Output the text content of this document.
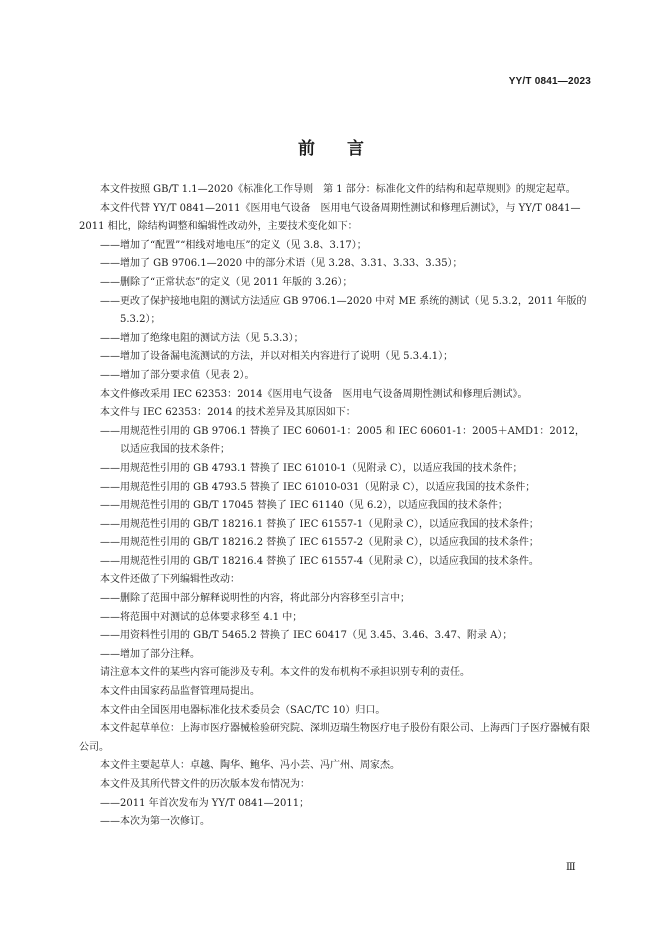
YY/T 0841—2023
前言
本文件按照 GB/T 1.1—2020《标准化工作导则　第 1 部分：标准化文件的结构和起草规则》的规定起草。
本文件代替 YY/T 0841—2011《医用电气设备　医用电气设备周期性测试和修理后测试》，与 YY/T 0841—2011 相比，除结构调整和编辑性改动外，主要技术变化如下：
——增加了“配置”“相线对地电压”的定义（见 3.8、3.17）；
——增加了 GB 9706.1—2020 中的部分术语（见 3.28、3.31、3.33、3.35）；
——删除了“正常状态”的定义（见 2011 年版的 3.26）；
——更改了保护接地电阻的测试方法适应 GB 9706.1—2020 中对 ME 系统的测试（见 5.3.2，2011 年版的 5.3.2）；
——增加了绝缘电阻的测试方法（见 5.3.3）；
——增加了设备漏电流测试的方法，并以对相关内容进行了说明（见 5.3.4.1）；
——增加了部分要求值（见表 2）。
本文件修改采用 IEC 62353：2014《医用电气设备　医用电气设备周期性测试和修理后测试》。
本文件与 IEC 62353：2014 的技术差异及其原因如下：
——用规范性引用的 GB 9706.1 替换了 IEC 60601-1：2005 和 IEC 60601-1：2005＋AMD1：2012，以适应我国的技术条件；
——用规范性引用的 GB 4793.1 替换了 IEC 61010-1（见附录 C），以适应我国的技术条件；
——用规范性引用的 GB 4793.5 替换了 IEC 61010-031（见附录 C），以适应我国的技术条件；
——用规范性引用的 GB/T 17045 替换了 IEC 61140（见 6.2），以适应我国的技术条件；
——用规范性引用的 GB/T 18216.1 替换了 IEC 61557-1（见附录 C），以适应我国的技术条件；
——用规范性引用的 GB/T 18216.2 替换了 IEC 61557-2（见附录 C），以适应我国的技术条件；
——用规范性引用的 GB/T 18216.4 替换了 IEC 61557-4（见附录 C），以适应我国的技术条件。
本文件还做了下列编辑性改动：
——删除了范围中部分解释说明性的内容，将此部分内容移至引言中；
——将范围中对测试的总体要求移至 4.1 中；
——用资料性引用的 GB/T 5465.2 替换了 IEC 60417（见 3.45、3.46、3.47、附录 A）；
——增加了部分注释。
请注意本文件的某些内容可能涉及专利。本文件的发布机构不承担识别专利的责任。
本文件由国家药品监督管理局提出。
本文件由全国医用电器标准化技术委员会（SAC/TC 10）归口。
本文件起草单位：上海市医疗器械检验研究院、深圳迈瑞生物医疗电子股份有限公司、上海西门子医疗器械有限公司。
本文件主要起草人：卓越、陶华、鲍华、冯小芸、冯广州、周家杰。
本文件及其所代替文件的历次版本发布情况为：
——2011 年首次发布为 YY/T 0841—2011；
——本次为第一次修订。
Ⅲ
